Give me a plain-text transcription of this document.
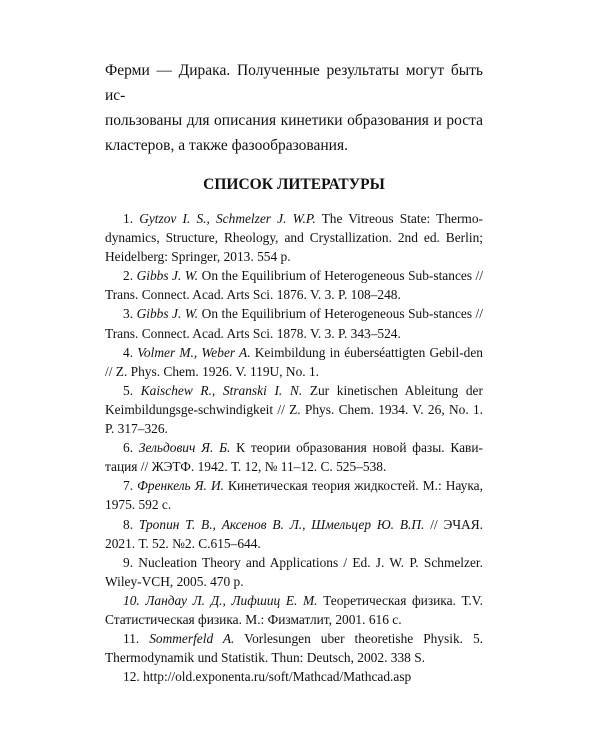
Ферми — Дирака. Полученные результаты могут быть ис-
пользованы для описания кинетики образования и роста
кластеров, а также фазообразования.
СПИСОК ЛИТЕРАТУРЫ

1. Gytzov I. S., Schmelzer J. W.P. The Vitreous State: Thermo-dynamics, Structure, Rheology, and Crystallization. 2nd ed. Berlin; Heidelberg: Springer, 2013. 554 p.

2. Gibbs J. W. On the Equilibrium of Heterogeneous Sub-stances // Trans. Connect. Acad. Arts Sci. 1876. V. 3. P. 108–248.

3. Gibbs J. W. On the Equilibrium of Heterogeneous Sub-stances // Trans. Connect. Acad. Arts Sci. 1878. V. 3. P. 343–524.

4. Volmer M., Weber A. Keimbildung in éuberséattigten Gebil-den // Z. Phys. Chem. 1926. V. 119U, No. 1.

5. Kaischew R., Stranski I. N. Zur kinetischen Ableitung der Keimbildungsge-schwindigkeit // Z. Phys. Chem. 1934. V. 26, No. 1. P. 317–326.

6. Зельдович Я. Б. К теории образования новой фазы. Кави-тация // ЖЭТФ. 1942. Т. 12, № 11–12. С. 525–538.

7. Френкель Я. И. Кинетическая теория жидкостей. М.: Наука, 1975. 592 с.

8. Тропин Т. В., Аксенов В. Л., Шмельцер Ю. В.П. // ЭЧАЯ. 2021. Т. 52. №2. С.615–644.

9. Nucleation Theory and Applications / Ed. J. W. P. Schmelzer. Wiley-VCH, 2005. 470 p.

10. Ландау Л. Д., Лифшиц Е. М. Теоретическая физика. Т.V. Статистическая физика. М.: Физматлит, 2001. 616 с.

11. Sommerfeld A. Vorlesungen uber theoretishe Physik. 5. Thermodynamik und Statistik. Thun: Deutsch, 2002. 338 S.

12. http://old.exponenta.ru/soft/Mathcad/Mathcad.asp
